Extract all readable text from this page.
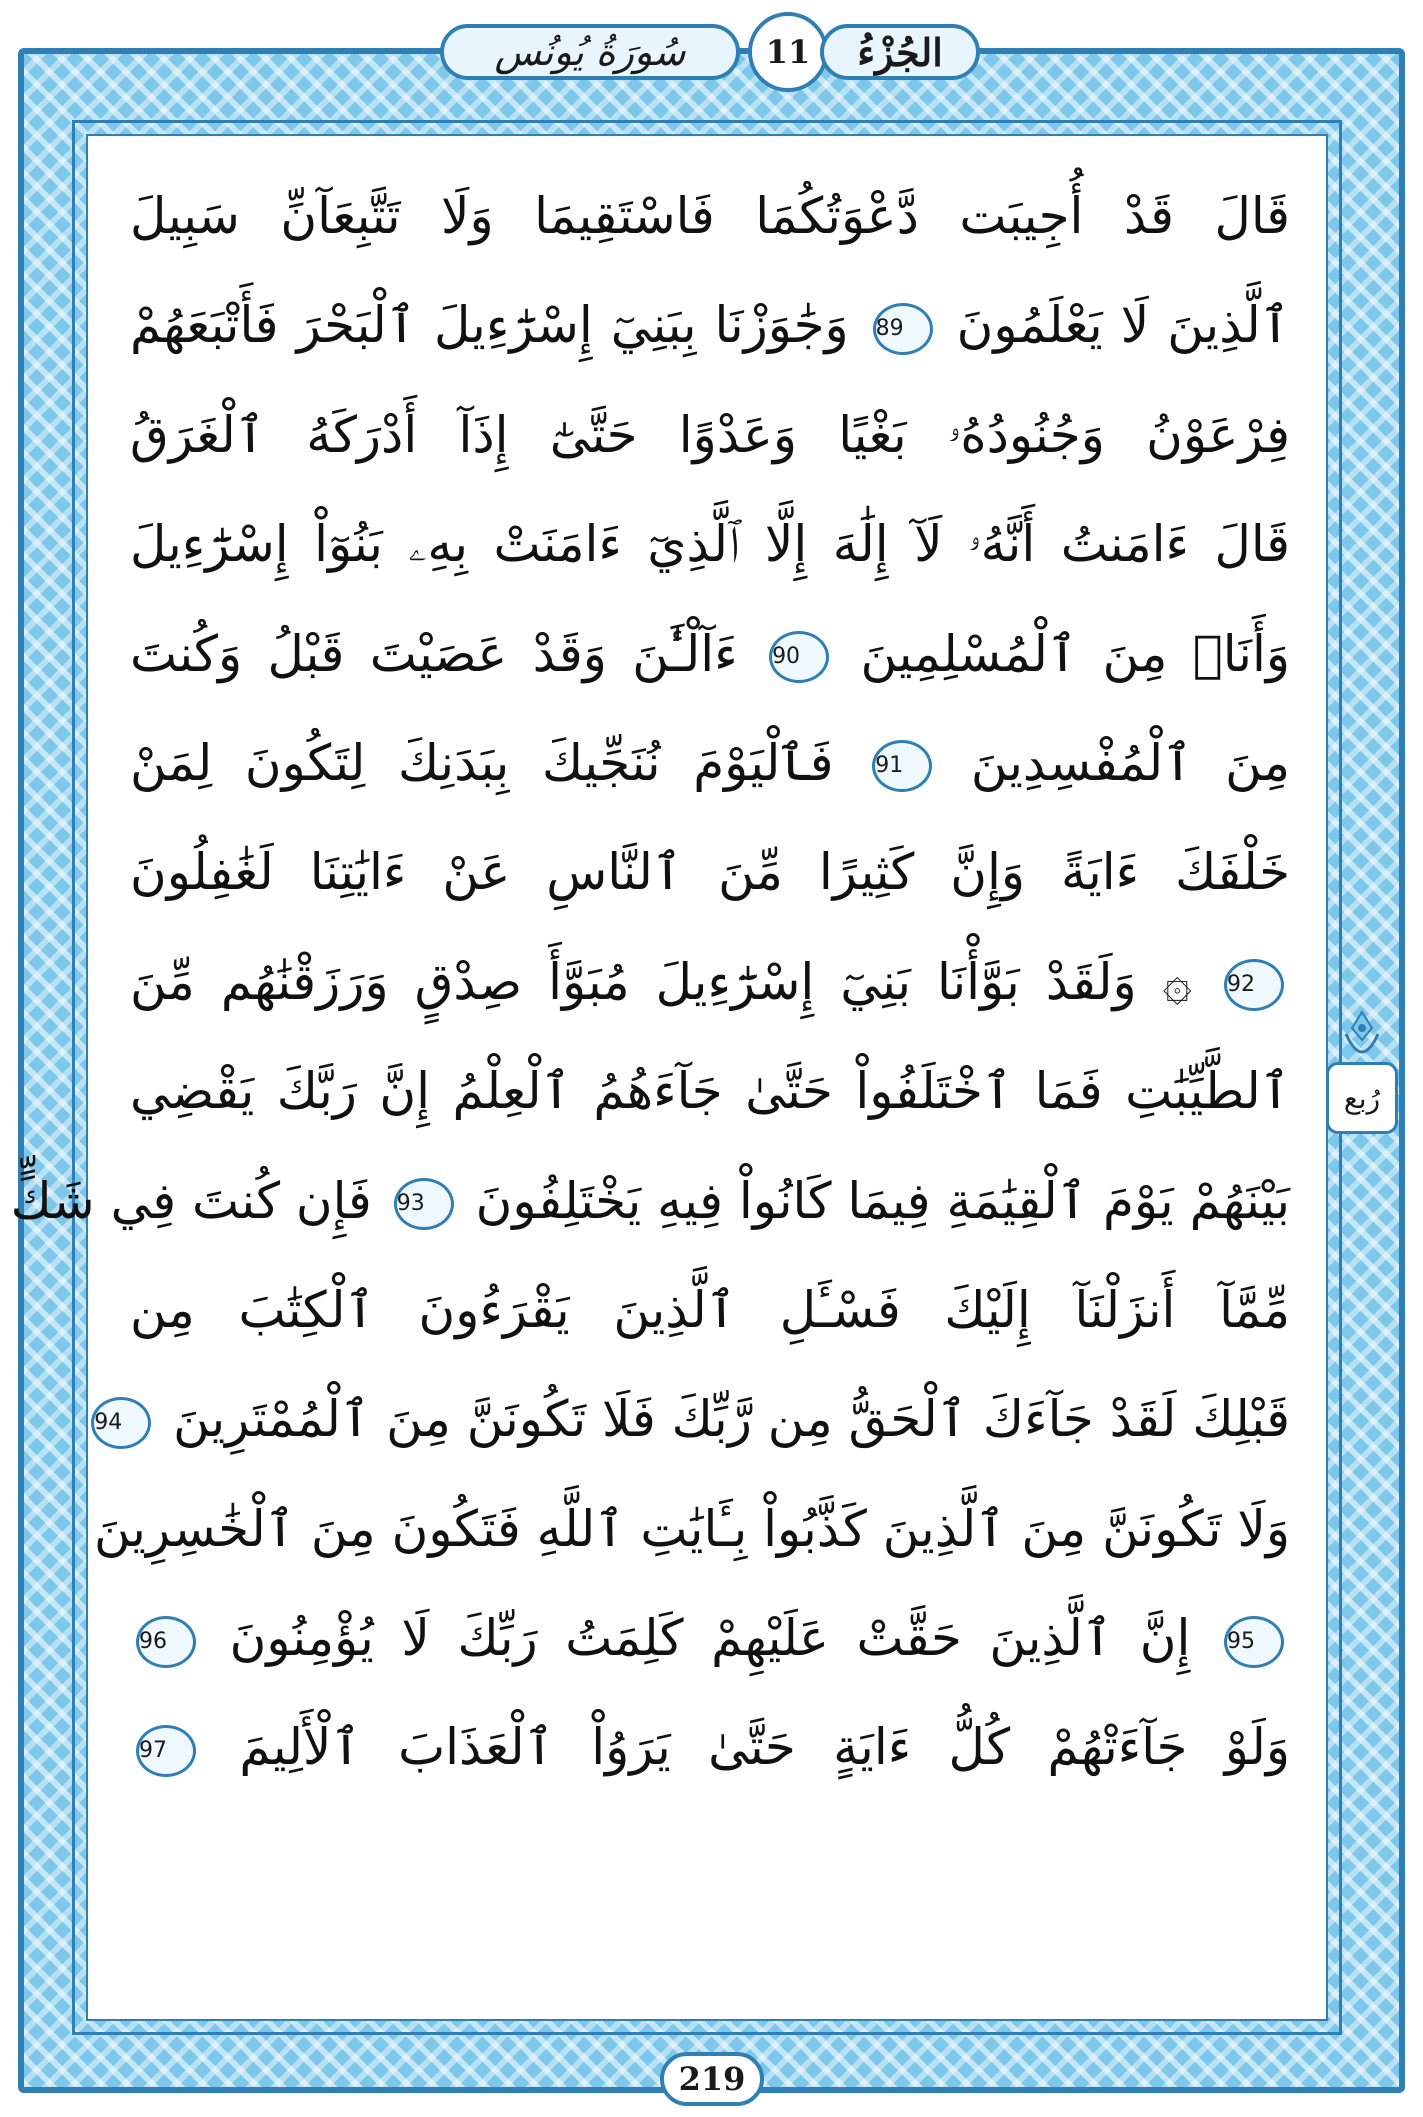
سُورَةُ يُونُس	11	الجُزْءُ
قَالَ قَدْ أُجِيبَت دَّعْوَتُكُمَا فَاسْتَقِيمَا وَلَا تَتَّبِعَآنِّ سَبِيلَ
ٱلَّذِينَ لَا يَعْلَمُونَ 89 وَجَٰوَزْنَا بِبَنِيٓ إِسْرَٰٓءِيلَ ٱلْبَحْرَ فَأَتْبَعَهُمْ
فِرْعَوْنُ وَجُنُودُهُۥ بَغْيًا وَعَدْوًا حَتَّىٰٓ إِذَآ أَدْرَكَهُ ٱلْغَرَقُ
قَالَ ءَامَنتُ أَنَّهُۥ لَآ إِلَٰهَ إِلَّا ٱلَّذِيٓ ءَامَنَتْ بِهِۦ بَنُوٓاْ إِسْرَٰٓءِيلَ
وَأَنَا۠ مِنَ ٱلْمُسْلِمِينَ 90 ءَآلْـَٰٔنَ وَقَدْ عَصَيْتَ قَبْلُ وَكُنتَ
مِنَ ٱلْمُفْسِدِينَ 91 فَٱلْيَوْمَ نُنَجِّيكَ بِبَدَنِكَ لِتَكُونَ لِمَنْ
خَلْفَكَ ءَايَةً وَإِنَّ كَثِيرًا مِّنَ ٱلنَّاسِ عَنْ ءَايَٰتِنَا لَغَٰفِلُونَ
92 ۞ وَلَقَدْ بَوَّأْنَا بَنِيٓ إِسْرَٰٓءِيلَ مُبَوَّأَ صِدْقٍ وَرَزَقْنَٰهُم مِّنَ
ٱلطَّيِّبَٰتِ فَمَا ٱخْتَلَفُواْ حَتَّىٰ جَآءَهُمُ ٱلْعِلْمُ إِنَّ رَبَّكَ يَقْضِي
بَيْنَهُمْ يَوْمَ ٱلْقِيَٰمَةِ فِيمَا كَانُواْ فِيهِ يَخْتَلِفُونَ 93 فَإِن كُنتَ فِي شَكٍّ
مِّمَّآ أَنزَلْنَآ إِلَيْكَ فَسْـَٔلِ ٱلَّذِينَ يَقْرَءُونَ ٱلْكِتَٰبَ مِن
قَبْلِكَ لَقَدْ جَآءَكَ ٱلْحَقُّ مِن رَّبِّكَ فَلَا تَكُونَنَّ مِنَ ٱلْمُمْتَرِينَ 94
وَلَا تَكُونَنَّ مِنَ ٱلَّذِينَ كَذَّبُواْ بِـَٔايَٰتِ ٱللَّهِ فَتَكُونَ مِنَ ٱلْخَٰسِرِينَ
95 إِنَّ ٱلَّذِينَ حَقَّتْ عَلَيْهِمْ كَلِمَتُ رَبِّكَ لَا يُؤْمِنُونَ 96
وَلَوْ جَآءَتْهُمْ كُلُّ ءَايَةٍ حَتَّىٰ يَرَوُاْ ٱلْعَذَابَ ٱلْأَلِيمَ 97
رُبع
219
